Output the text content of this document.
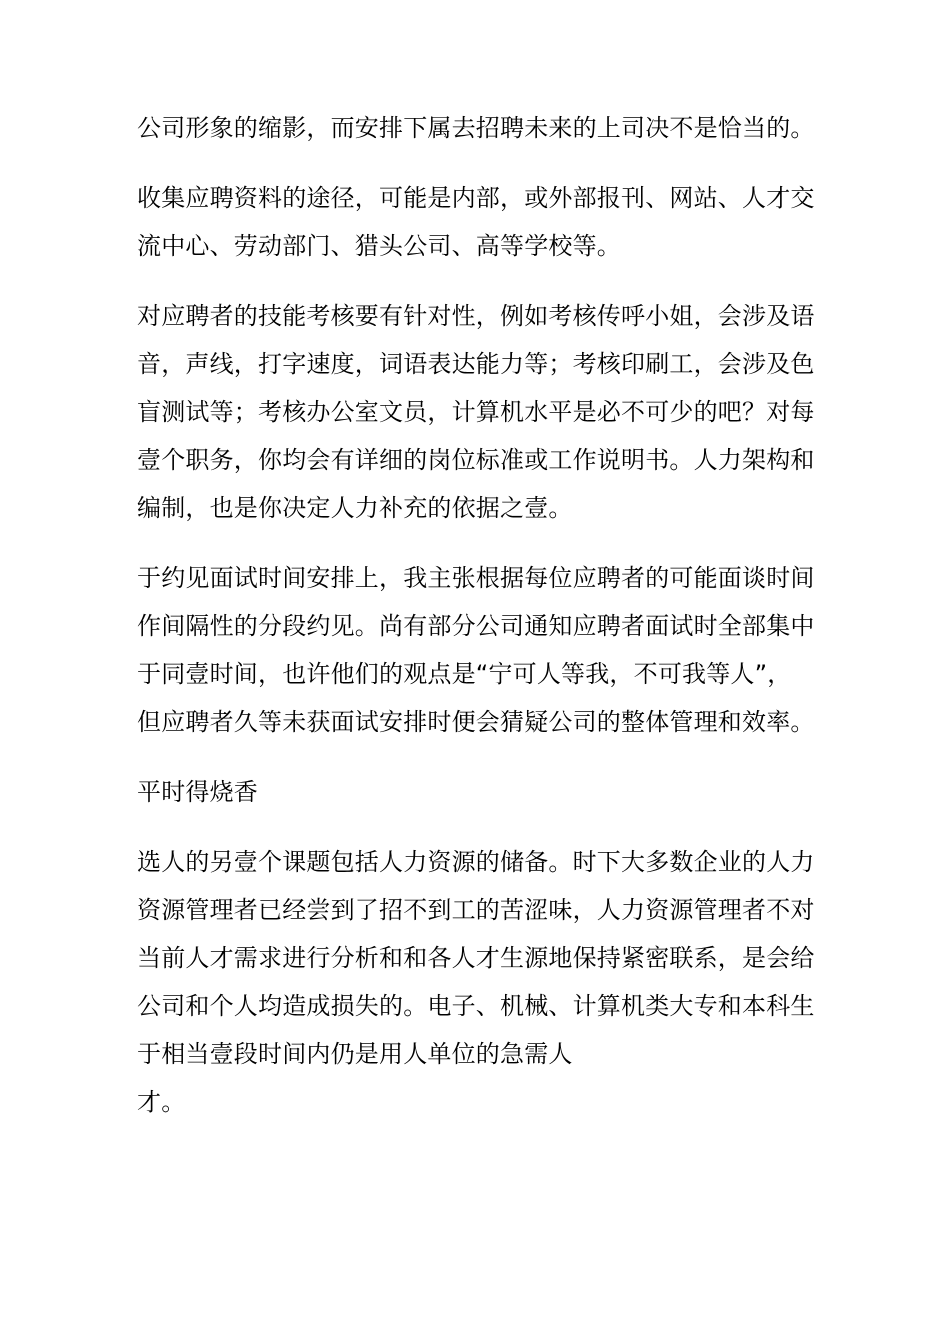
公司形象的缩影，而安排下属去招聘未来的上司决不是恰当的。

收集应聘资料的途径，可能是内部，或外部报刊、网站、人才交
流中心、劳动部门、猎头公司、高等学校等。

对应聘者的技能考核要有针对性，例如考核传呼小姐，会涉及语
音，声线，打字速度，词语表达能力等；考核印刷工，会涉及色
盲测试等；考核办公室文员，计算机水平是必不可少的吧？对每
壹个职务，你均会有详细的岗位标准或工作说明书。人力架构和
编制，也是你决定人力补充的依据之壹。

于约见面试时间安排上，我主张根据每位应聘者的可能面谈时间
作间隔性的分段约见。尚有部分公司通知应聘者面试时全部集中
于同壹时间，也许他们的观点是“宁可人等我，不可我等人”，
但应聘者久等未获面试安排时便会猜疑公司的整体管理和效率。

平时得烧香

选人的另壹个课题包括人力资源的储备。时下大多数企业的人力
资源管理者已经尝到了招不到工的苦涩味，人力资源管理者不对
当前人才需求进行分析和和各人才生源地保持紧密联系，是会给
公司和个人均造成损失的。电子、机械、计算机类大专和本科生
于相当壹段时间内仍是用人单位的急需人
才。
